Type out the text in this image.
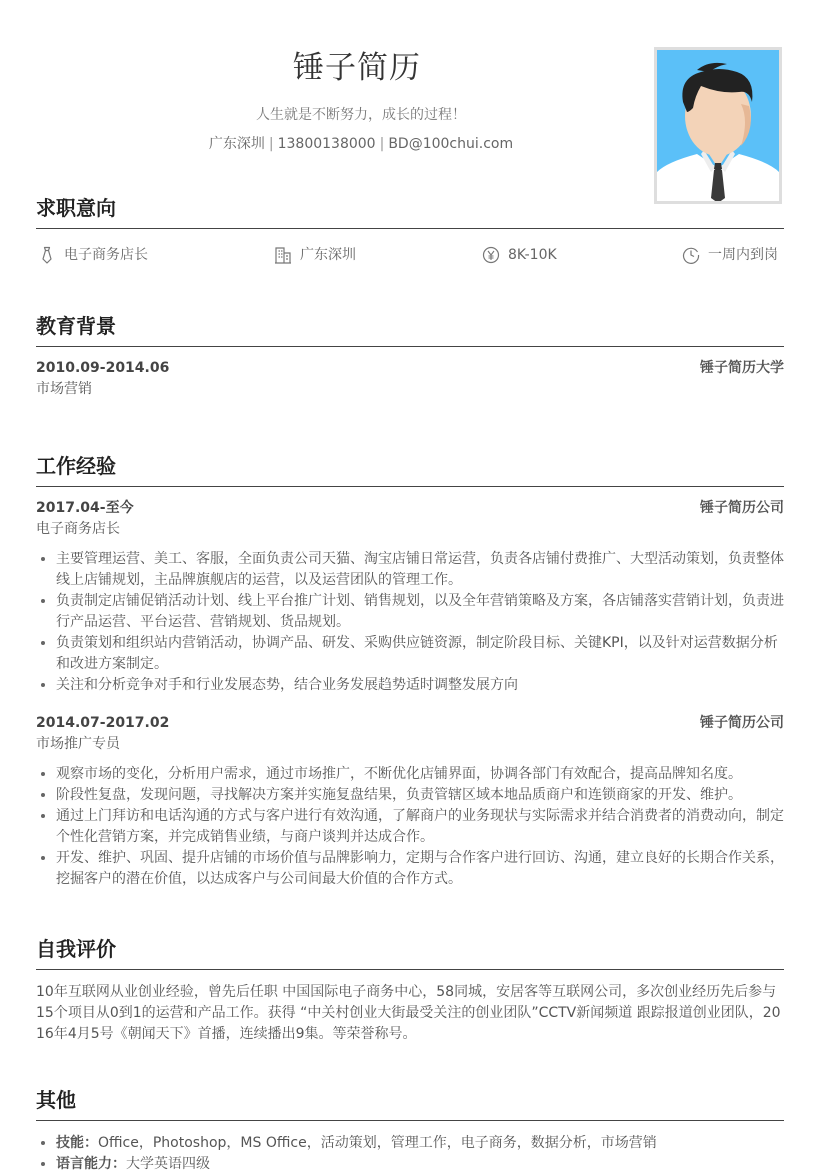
锤子简历
人生就是不断努力，成长的过程！
广东深圳 | 13800138000 | BD@100chui.com
求职意向
电子商务店长	广东深圳	8K-10K	一周内到岗
教育背景
2010.09-2014.06	锤子简历大学
市场营销
工作经验
2017.04-至今	锤子简历公司
电子商务店长
• 主要管理运营、美工、客服，全面负责公司天猫、淘宝店铺日常运营，负责各店铺付费推广、大型活动策划，负责整体线上店铺规划，主品牌旗舰店的运营，以及运营团队的管理工作。
• 负责制定店铺促销活动计划、线上平台推广计划、销售规划，以及全年营销策略及方案，各店铺落实营销计划，负责进行产品运营、平台运营、营销规划、货品规划。
• 负责策划和组织站内营销活动，协调产品、研发、采购供应链资源，制定阶段目标、关键KPI，以及针对运营数据分析和改进方案制定。
• 关注和分析竞争对手和行业发展态势，结合业务发展趋势适时调整发展方向
2014.07-2017.02	锤子简历公司
市场推广专员
• 观察市场的变化，分析用户需求，通过市场推广，不断优化店铺界面，协调各部门有效配合，提高品牌知名度。
• 阶段性复盘，发现问题，寻找解决方案并实施复盘结果，负责管辖区域本地品质商户和连锁商家的开发、维护。
• 通过上门拜访和电话沟通的方式与客户进行有效沟通，了解商户的业务现状与实际需求并结合消费者的消费动向，制定个性化营销方案，并完成销售业绩，与商户谈判并达成合作。
• 开发、维护、巩固、提升店铺的市场价值与品牌影响力，定期与合作客户进行回访、沟通，建立良好的长期合作关系，挖掘客户的潜在价值，以达成客户与公司间最大价值的合作方式。
自我评价
10年互联网从业创业经验，曾先后任职 中国国际电子商务中心，58同城，安居客等互联网公司，多次创业经历先后参与15个项目从0到1的运营和产品工作。获得 “中关村创业大街最受关注的创业团队”CCTV新闻频道 跟踪报道创业团队，2016年4月5号《朝闻天下》首播，连续播出9集。等荣誉称号。
其他
• 技能：Office，Photoshop，MS Office，活动策划，管理工作，电子商务，数据分析，市场营销
• 语言能力：大学英语四级
